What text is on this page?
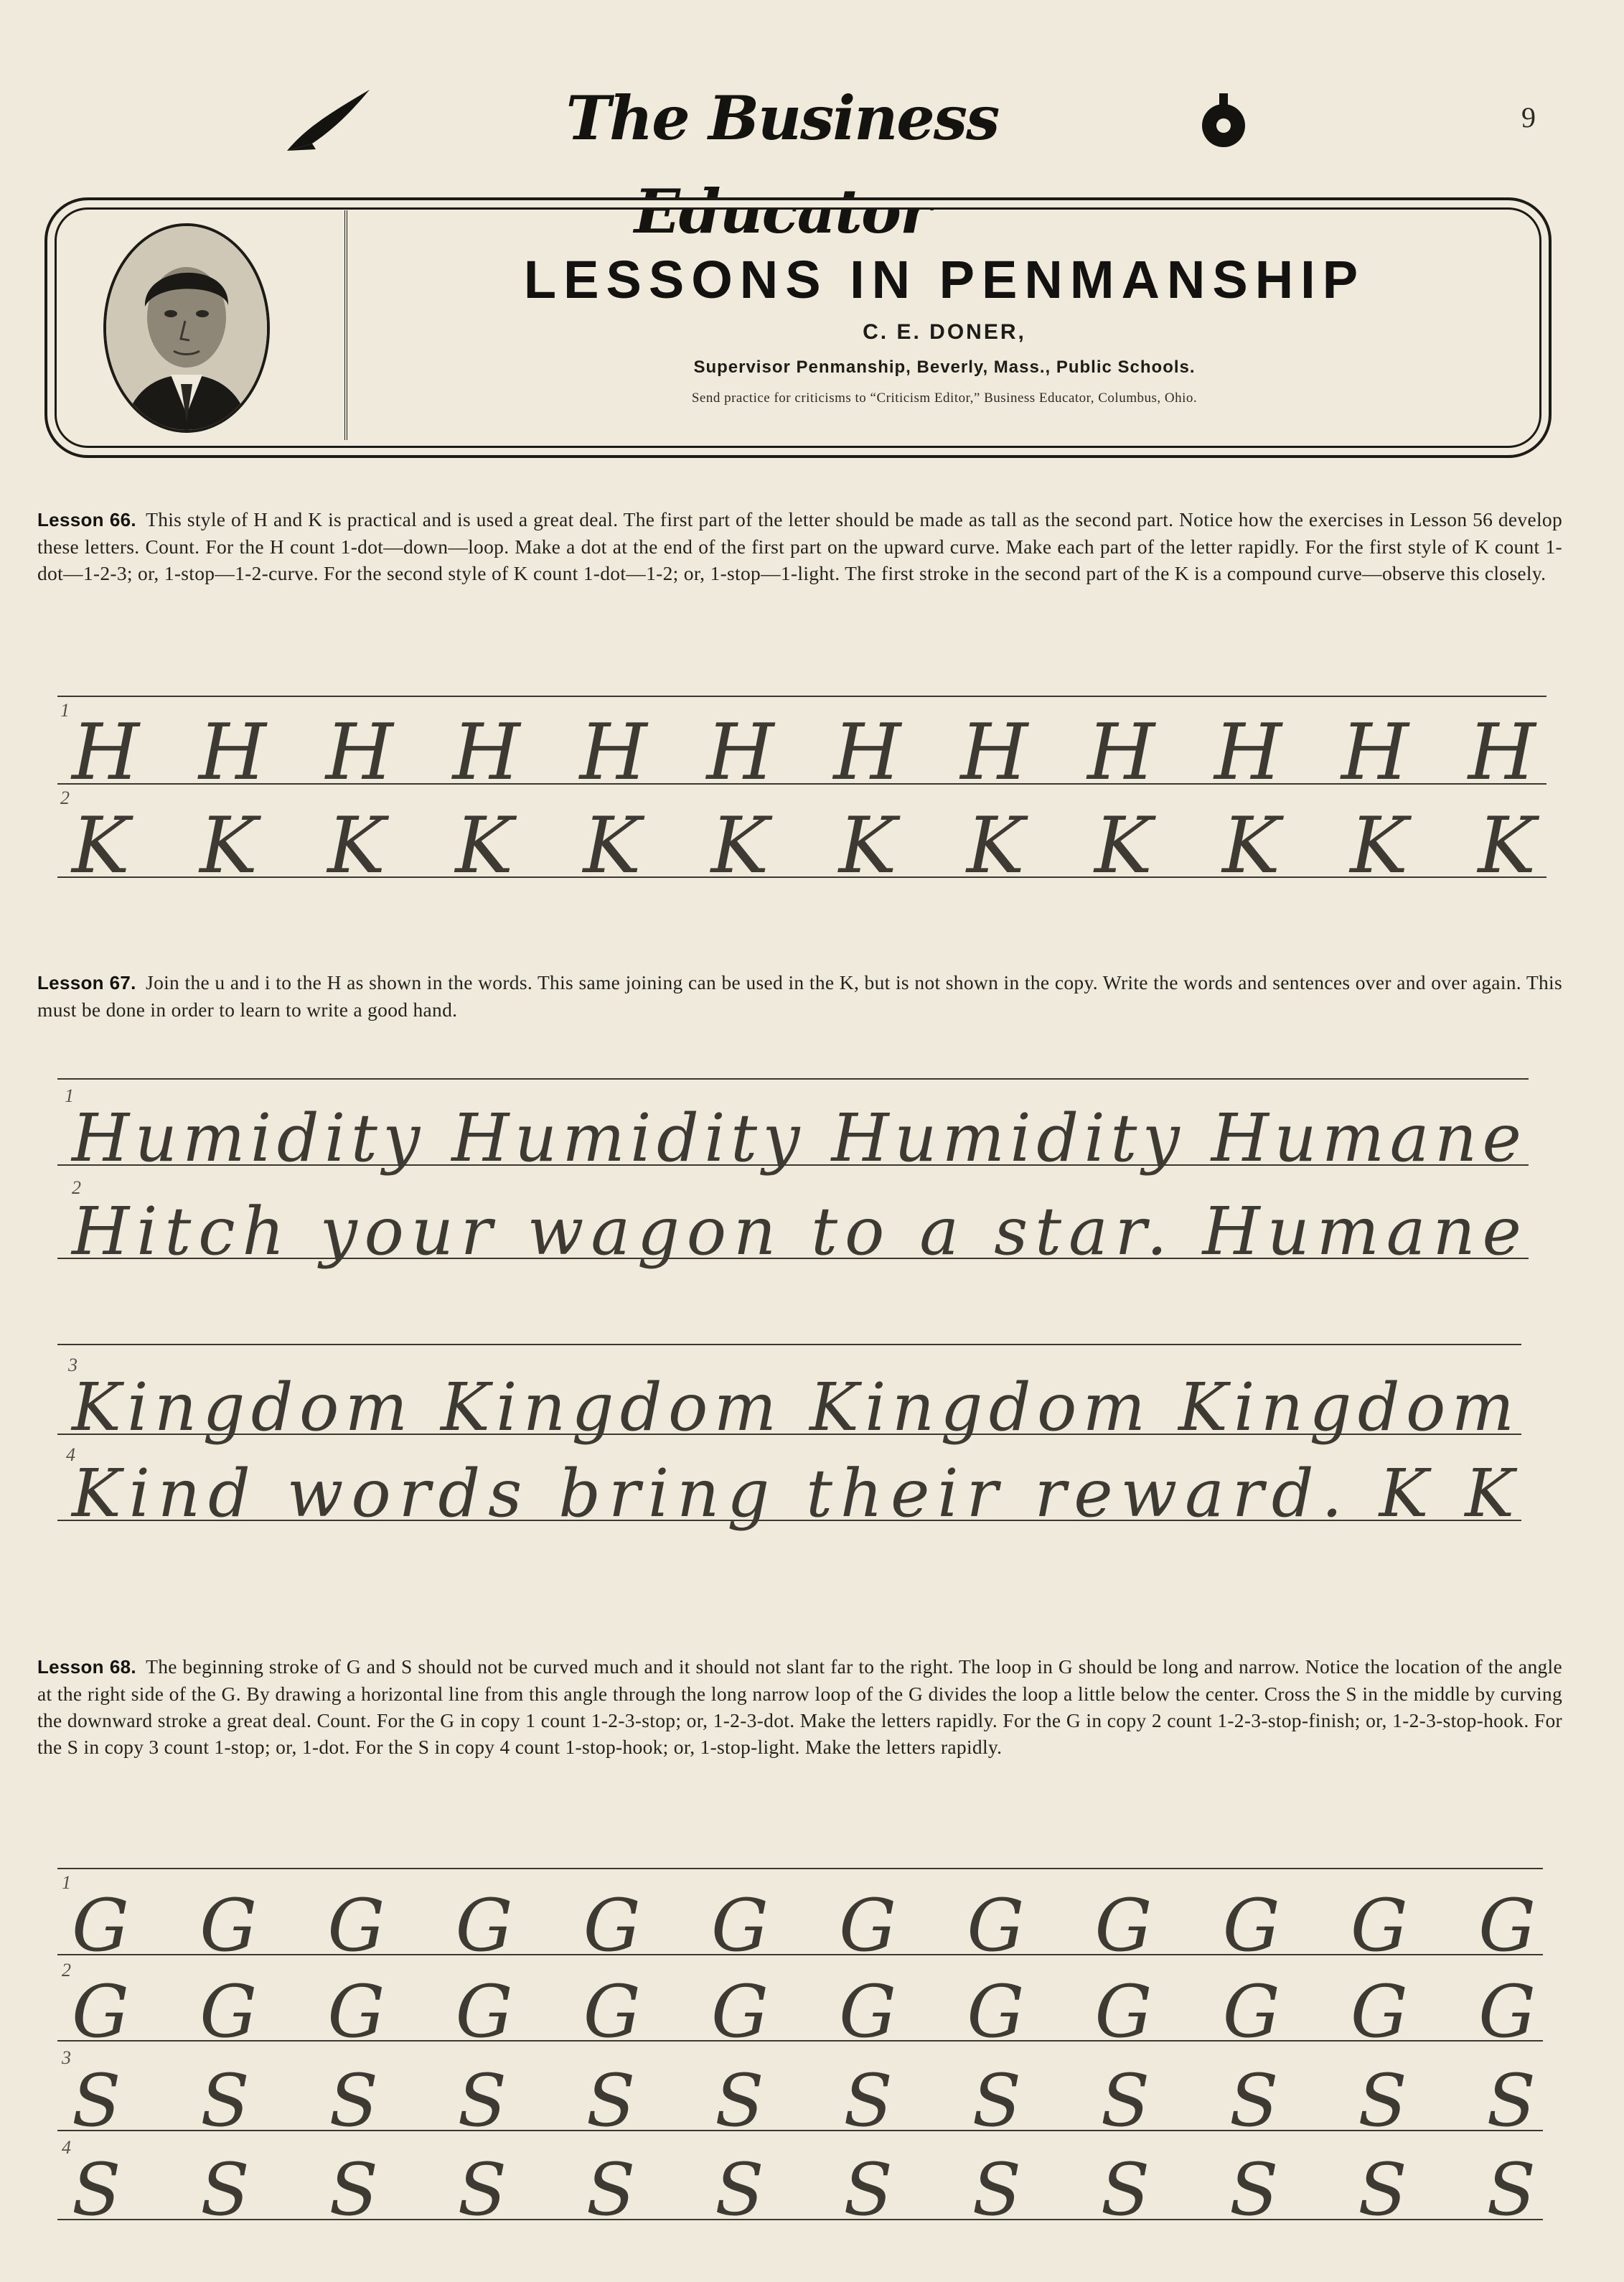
The Business Educator
9
LESSONS IN PENMANSHIP
C. E. DONER,
Supervisor Penmanship, Beverly, Mass., Public Schools.
Send practice for criticisms to “Criticism Editor,” Business Educator, Columbus, Ohio.
Lesson 66. This style of H and K is practical and is used a great deal. The first part of the letter should be made as tall as the second part. Notice how the exercises in Lesson 56 develop these letters. Count. For the H count 1-dot—down—loop. Make a dot at the end of the first part on the upward curve. Make each part of the letter rapidly. For the first style of K count 1-dot—1-2-3; or, 1-stop—1-2-curve. For the second style of K count 1-dot—1-2; or, 1-stop—1-light. The first stroke in the second part of the K is a compound curve—observe this closely.
1 H H H H H H H H H H H H
2
K K K K K K K K K K K K
Lesson 67. Join the u and i to the H as shown in the words. This same joining can be used in the K, but is not shown in the copy. Write the words and sentences over and over again. This must be done in order to learn to write a good hand.
1
Humidity Humidity Humidity Humane
2
Hitch your wagon to a star. Humane
3
Kingdom Kingdom Kingdom Kingdom
4
Kind words bring their reward. K K
Lesson 68. The beginning stroke of G and S should not be curved much and it should not slant far to the right. The loop in G should be long and narrow. Notice the location of the angle at the right side of the G. By drawing a horizontal line from this angle through the long narrow loop of the G divides the loop a little below the center. Cross the S in the middle by curving the downward stroke a great deal. Count. For the G in copy 1 count 1-2-3-stop; or, 1-2-3-dot. Make the letters rapidly. For the G in copy 2 count 1-2-3-stop-finish; or, 1-2-3-stop-hook. For the S in copy 3 count 1-stop; or, 1-dot. For the S in copy 4 count 1-stop-hook; or, 1-stop-light. Make the letters rapidly.
1
G G G G G G G G G G G G
2 G G G G G G G G G G G G
3
S S S S S S S S S S S S
4
S S S S S S S S S S S S
